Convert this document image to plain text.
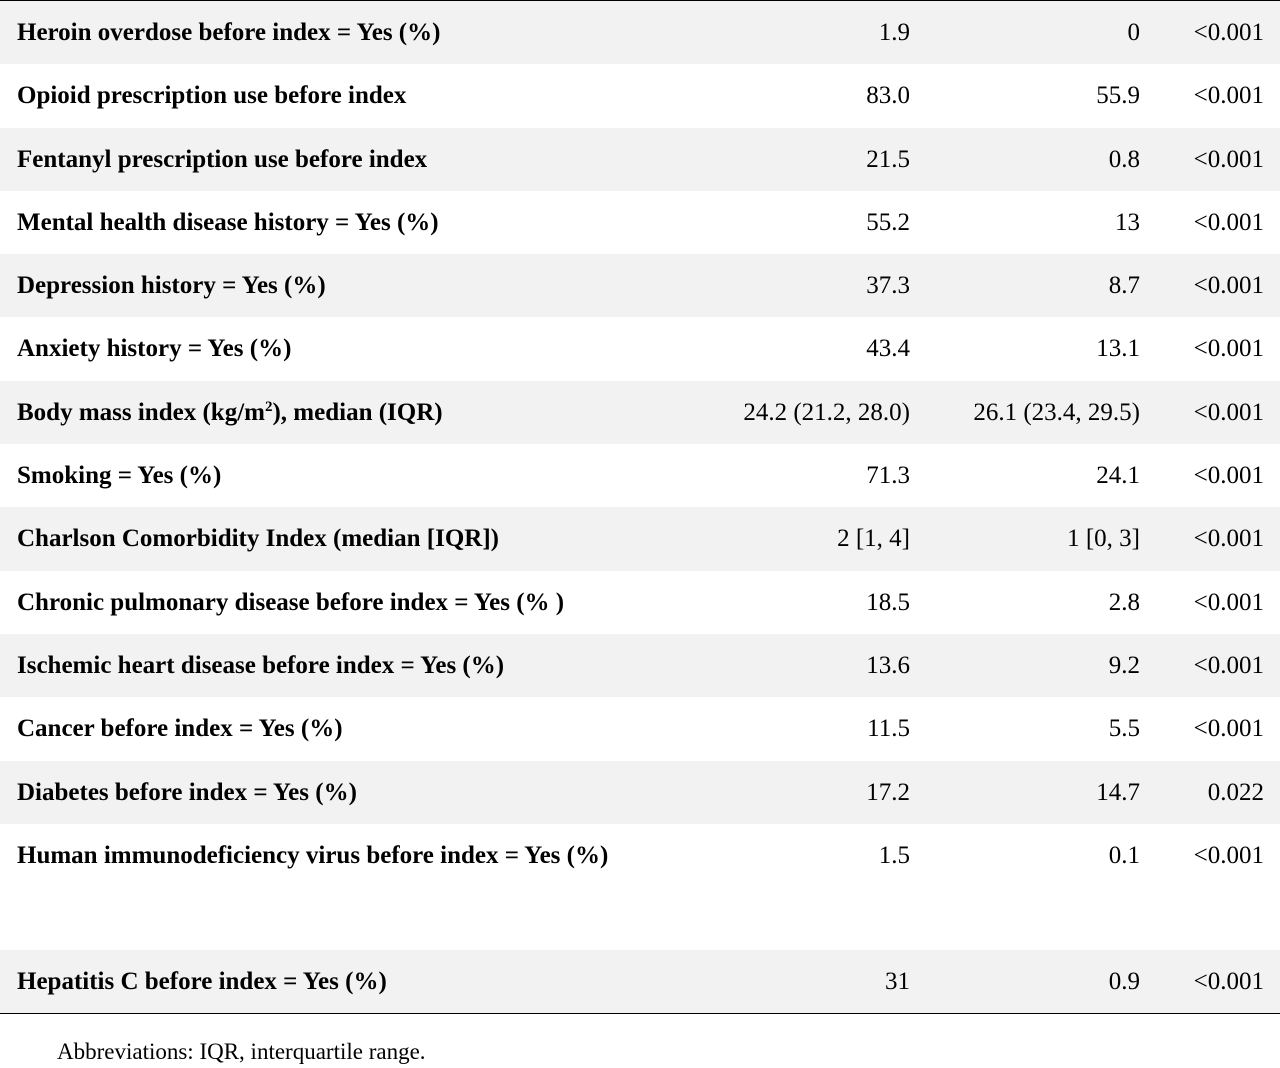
Heroin overdose before index = Yes (%)	1.9	0	<0.001
Opioid prescription use before index	83.0	55.9	<0.001
Fentanyl prescription use before index	21.5	0.8	<0.001
Mental health disease history = Yes (%)	55.2	13	<0.001
Depression history = Yes (%)	37.3	8.7	<0.001
Anxiety history = Yes (%)	43.4	13.1	<0.001
Body mass index $(kg/m^2)$, median (IQR)	24.2 (21.2, 28.0)	26.1 (23.4, 29.5)	<0.001
Smoking = Yes (%)	71.3	24.1	<0.001
Charlson Comorbidity Index (median [IQR])	2 [1, 4]	1 [0, 3]	<0.001
Chronic pulmonary disease before index = Yes (% )	18.5	2.8	<0.001
Ischemic heart disease before index = Yes (%)	13.6	9.2	<0.001
Cancer before index = Yes (%)	11.5	5.5	<0.001
Diabetes before index = Yes (%)	17.2	14.7	0.022
Human immunodeficiency virus before index = Yes (%)	1.5	0.1	<0.001
Hepatitis C before index = Yes (%)	31	0.9	<0.001
Abbreviations: IQR, interquartile range.
